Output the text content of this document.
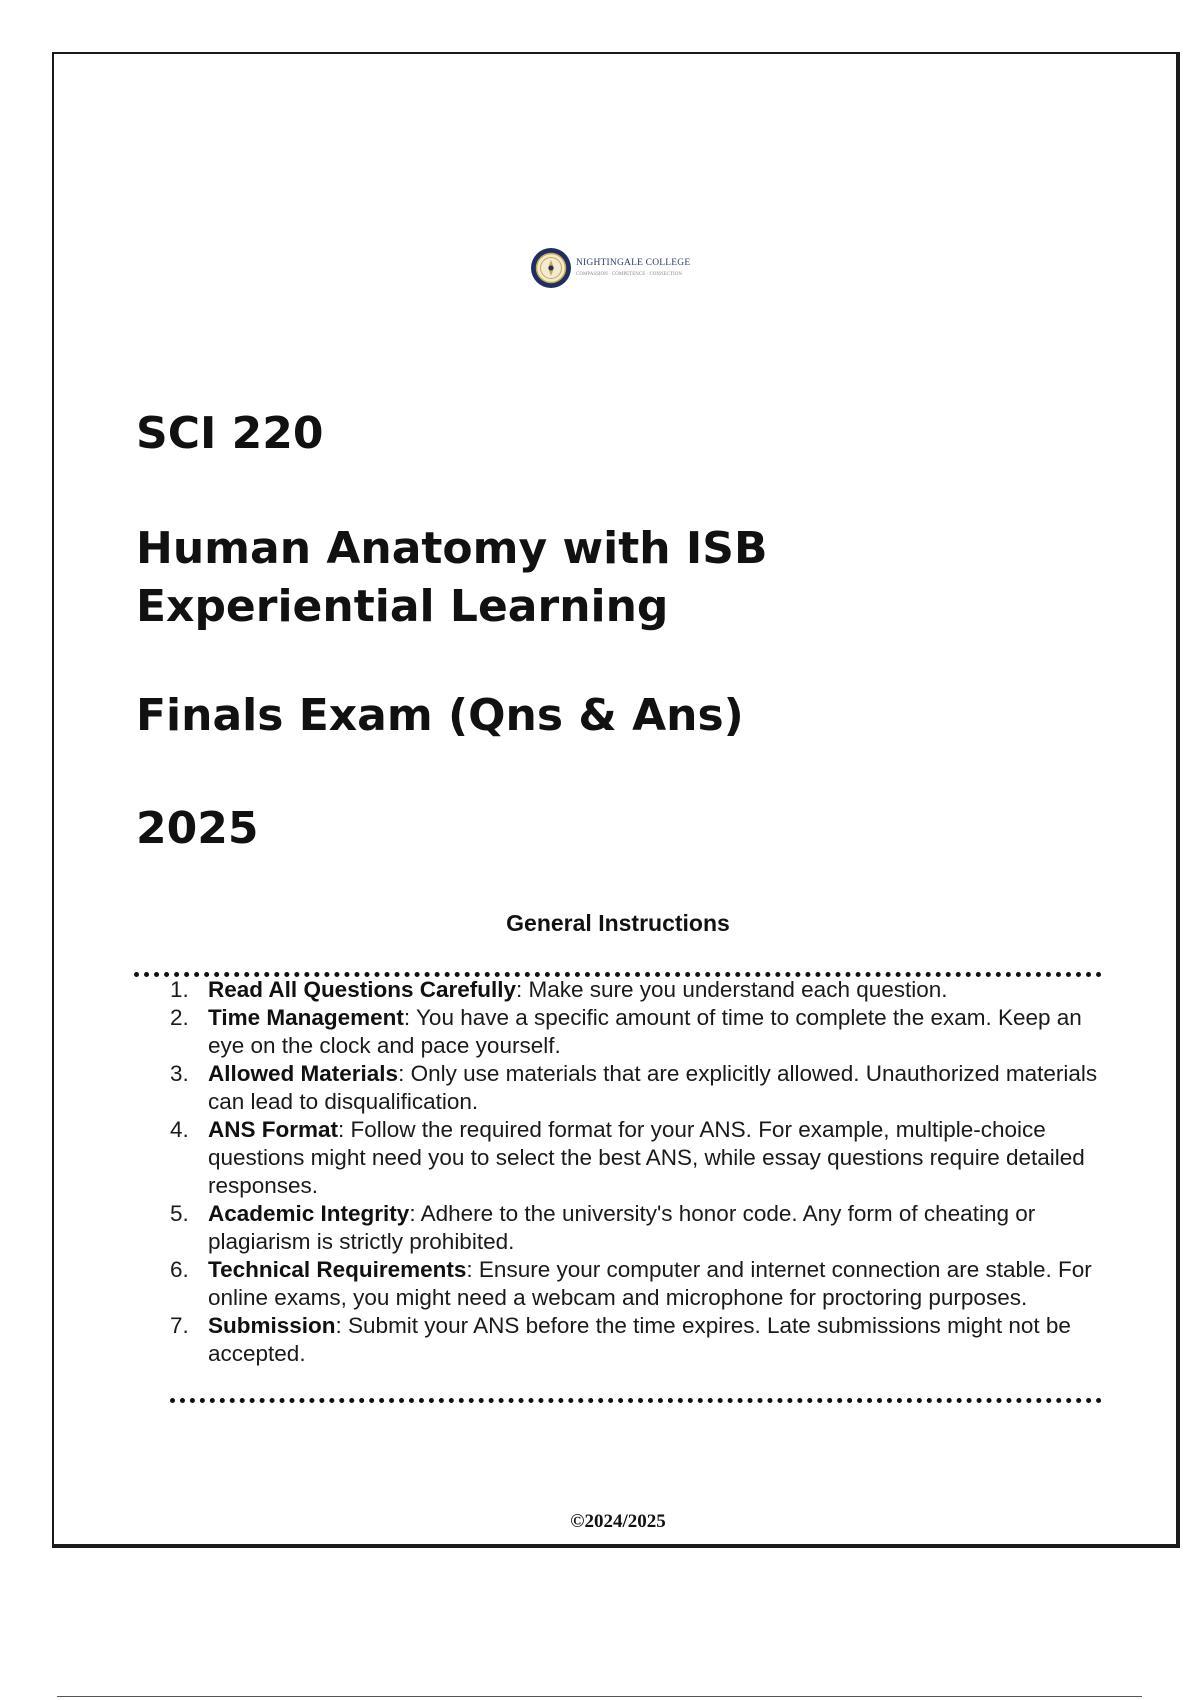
NIGHTINGALE COLLEGE
COMPASSION · COMPETENCE · CONNECTION
SCI 220
Human Anatomy with ISB Experiential Learning
Finals Exam (Qns & Ans)
2025
General Instructions
1. Read All Questions Carefully: Make sure you understand each question.
2. Time Management: You have a specific amount of time to complete the exam. Keep an eye on the clock and pace yourself.
3. Allowed Materials: Only use materials that are explicitly allowed. Unauthorized materials can lead to disqualification.
4. ANS Format: Follow the required format for your ANS. For example, multiple-choice questions might need you to select the best ANS, while essay questions require detailed responses.
5. Academic Integrity: Adhere to the university's honor code. Any form of cheating or plagiarism is strictly prohibited.
6. Technical Requirements: Ensure your computer and internet connection are stable. For online exams, you might need a webcam and microphone for proctoring purposes.
7. Submission: Submit your ANS before the time expires. Late submissions might not be accepted.
©2024/2025
